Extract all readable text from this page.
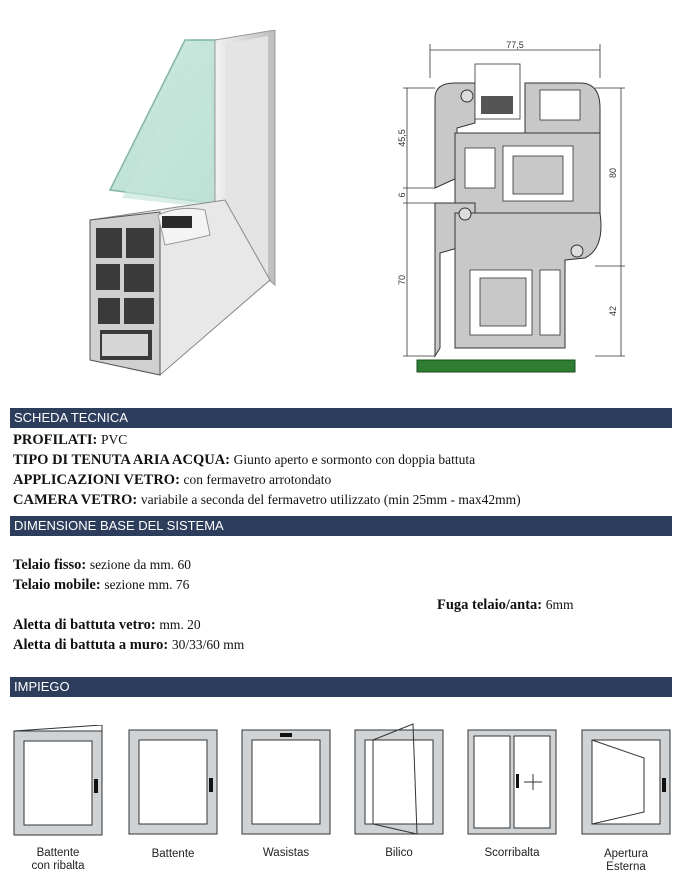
77,5
45,5
6
70
80
42
SCHEDA TECNICA
PROFILATI: PVC
TIPO DI TENUTA ARIA ACQUA: Giunto aperto e sormonto con doppia battuta
APPLICAZIONI VETRO: con fermavetro arrotondato
CAMERA VETRO: variabile a seconda del fermavetro utilizzato (min 25mm - max42mm)
DIMENSIONE BASE DEL SISTEMA
Telaio fisso: sezione da mm. 60
Telaio mobile: sezione mm. 76
Fuga telaio/anta: 6mm
Aletta di battuta vetro: mm. 20
Aletta di battuta a muro: 30/33/60 mm
IMPIEGO
Battente
con ribalta
Battente	Wasistas	Bilico	Scorribalta	Apertura
Esterna
